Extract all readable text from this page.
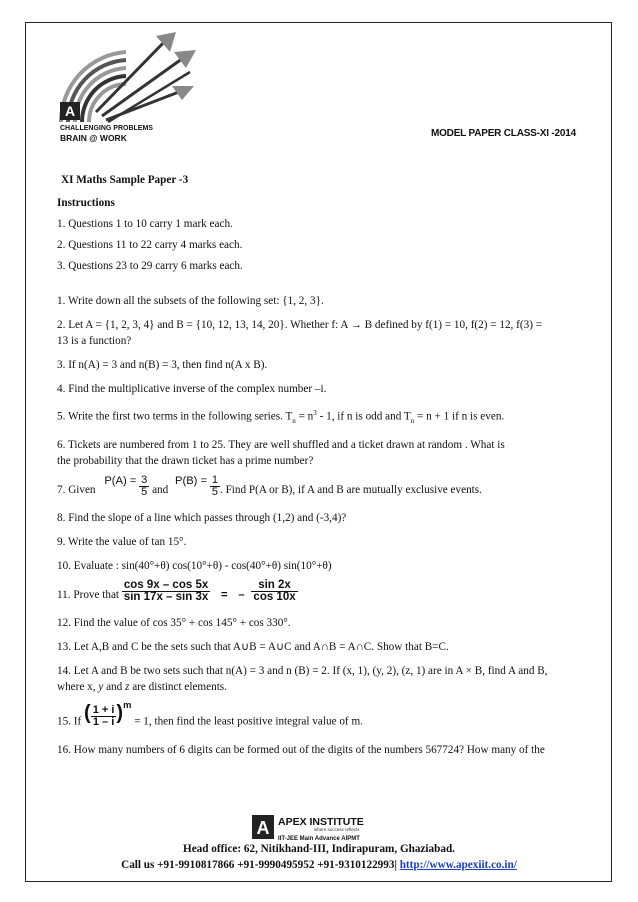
A
CHALLENGING PROBLEMS
BRAIN @ WORK	MODEL PAPER CLASS-XI -2014
XI Maths Sample Paper -3
Instructions
1. Questions 1 to 10 carry 1 mark each.
2. Questions 11 to 22 carry 4 marks each.
3. Questions 23 to 29 carry 6 marks each.
1. Write down all the subsets of the following set: {1, 2, 3}.
2. Let A = {1, 2, 3, 4} and B = {10, 12, 13, 14, 20}. Whether f: A → B defined by f(1) = 10, f(2) = 12, f(3) =
13 is a function?
3. If n(A) = 3 and n(B) = 3, then find n(A x B).
4. Find the multiplicative inverse of the complex number –i.
5. Write the first two terms in the following series. $T_n = n^3 - 1$, if n is odd and $T_n = n + 1$ if n is even.
6. Tickets are numbered from 1 to 25. They are well shuffled and a ticket drawn at random . What is
the probability that the drawn ticket has a prime number?
7. Given $P(A) = \frac{3}{5}$ and $P(B) = \frac{1}{5}$ . Find P(A or B), if A and B are mutually exclusive events.
8. Find the slope of a line which passes through (1,2) and (-3,4)?
9. Write the value of tan 15°.
10. Evaluate : sin(40°+θ) cos(10°+θ) - cos(40°+θ) sin(10°+θ)
11. Prove that $\frac{\cos 9x - \cos 5x}{\sin 17x - \sin 3x}$ = – $\frac{\sin 2x}{\cos 10x}$
12. Find the value of cos 35° + cos 145° + cos 330°.
13. Let A,B and C be the sets such that A∪B = A∪C and A∩B = A∩C. Show that B=C.
14. Let A and B be two sets such that n(A) = 3 and n (B) = 2. If (x, 1), (y, 2), (z, 1) are in A × B, find A and B,
where x, y and z are distinct elements.
15. If ( $\frac{1 + i}{1 - i} )^m = 1$, then find the least positive integral value of m.
16. How many numbers of 6 digits can be formed out of the digits of the numbers 567724? How many of the
A APEX INSTITUTE
where success reflects
IIT-JEE Main Advance AIPMT
Head office: 62, Nitikhand-III, Indirapuram, Ghaziabad.
Call us +91-9910817866 +91-9990495952 +91-9310122993| http://www.apexiit.co.in/
